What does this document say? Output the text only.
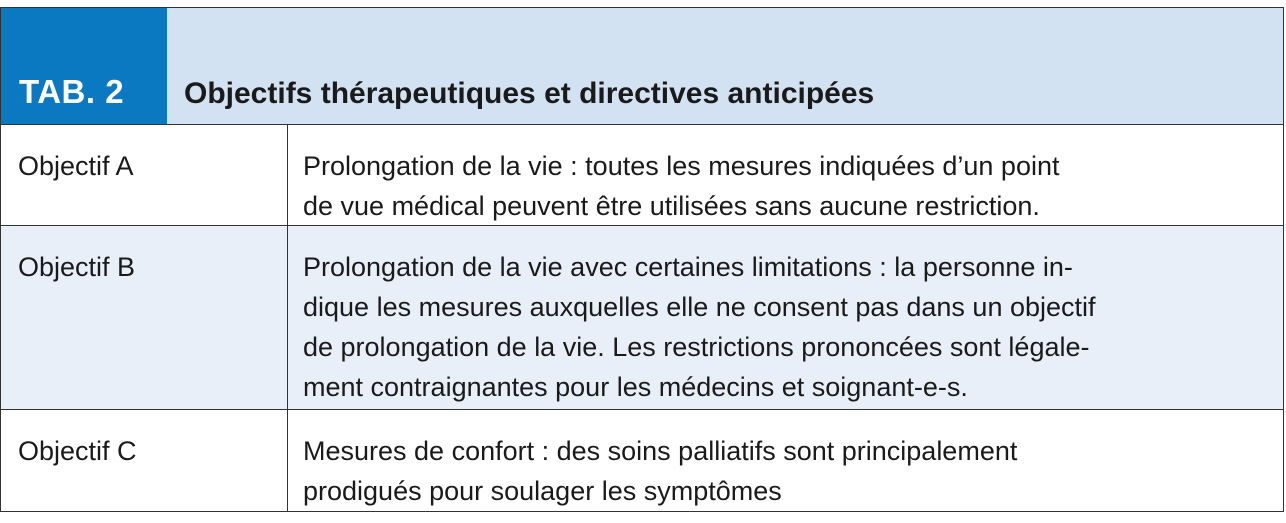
TAB. 2	Objectifs thérapeutiques et directives anticipées
Objectif A	Prolongation de la vie : toutes les mesures indiquées d’un point
de vue médical peuvent être utilisées sans aucune restriction.
Objectif B	Prolongation de la vie avec certaines limitations : la personne in-
dique les mesures auxquelles elle ne consent pas dans un objectif
de prolongation de la vie. Les restrictions prononcées sont légale-
ment contraignantes pour les médecins et soignant-e-s.
Objectif C	Mesures de confort : des soins palliatifs sont principalement
prodigués pour soulager les symptômes
